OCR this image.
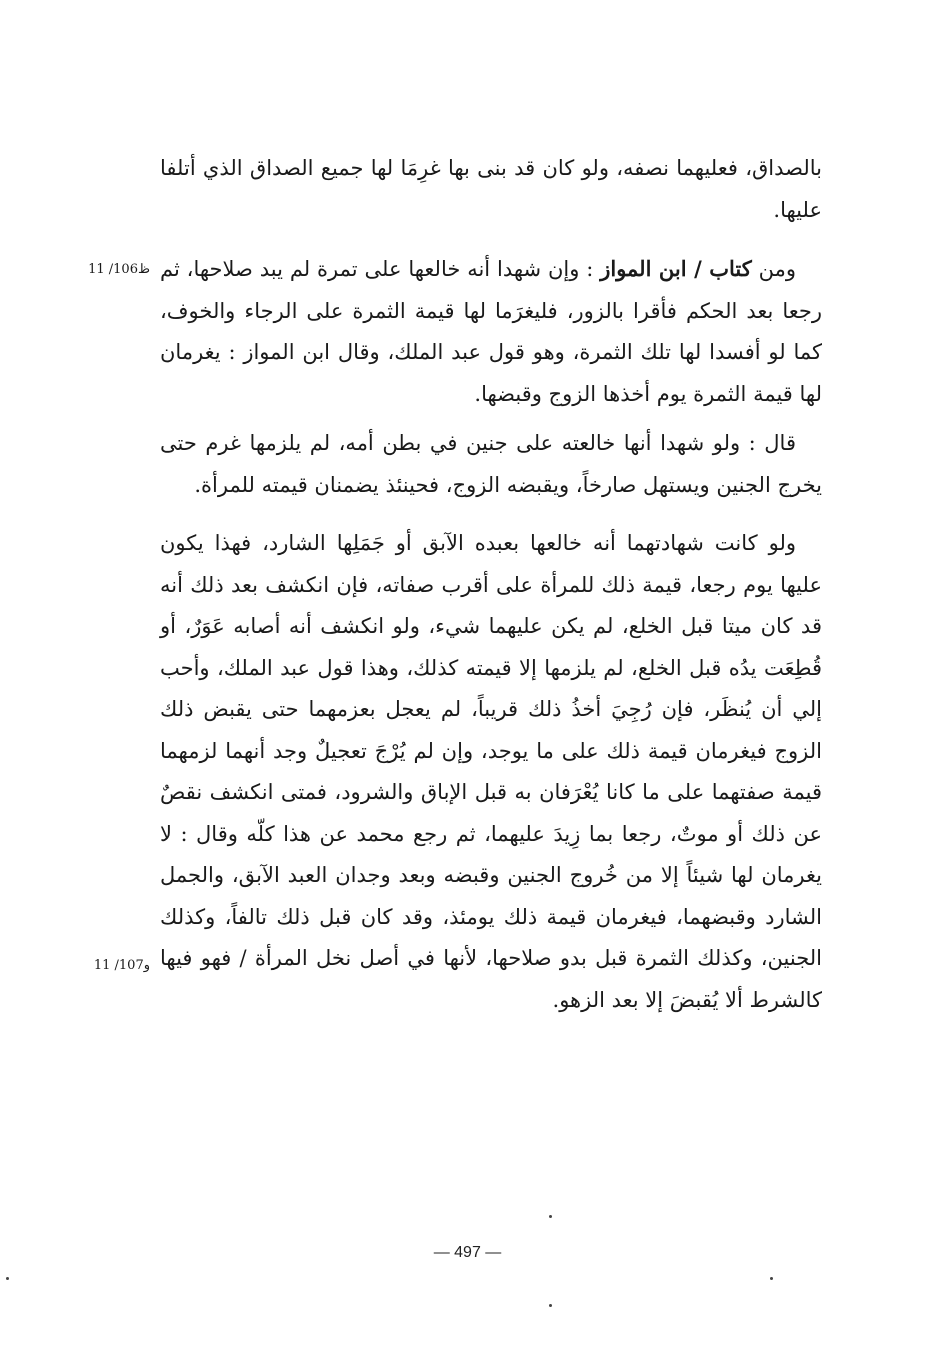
بالصداق، فعليهما نصفه، ولو كان قد بنى بها غرِمَا لها جميع الصداق الذي أتلفا عليها.

ومن كتاب / ابن المواز : وإن شهدا أنه خالعها على تمرة لم يبد صلاحها، ثم رجعا بعد الحكم فأقرا بالزور، فليغرَما لها قيمة الثمرة على الرجاء والخوف، كما لو أفسدا لها تلك الثمرة، وهو قول عبد الملك، وقال ابن المواز : يغرمان لها قيمة الثمرة يوم أخذها الزوج وقبضها.

قال : ولو شهدا أنها خالعته على جنين في بطن أمه، لم يلزمها غرم حتى يخرج الجنين ويستهل صارخاً، ويقبضه الزوج، فحينئذ يضمنان قيمته للمرأة.

ولو كانت شهادتهما أنه خالعها بعبده الآبق أو جَمَلِها الشارد، فهذا يكون عليها يوم رجعا، قيمة ذلك للمرأة على أقرب صفاته، فإن انكشف بعد ذلك أنه قد كان ميتا قبل الخلع، لم يكن عليهما شيء، ولو انكشف أنه أصابه عَوَرٌ، أو قُطِعَت يدُه قبل الخلع، لم يلزمها إلا قيمته كذلك، وهذا قول عبد الملك، وأحب إلي أن يُنظَر، فإن رُجِيَ أخذُ ذلك قريباً، لم يعجل بعزمهما حتى يقبض ذلك الزوج فيغرمان قيمة ذلك على ما يوجد، وإن لم يُرْجَ تعجيلٌ وجد أنهما لزمهما قيمة صفتهما على ما كانا يُعْرَفان به قبل الإباق والشرود، فمتى انكشف نقصٌ عن ذلك أو موتٌ، رجعا بما زِيدَ عليهما، ثم رجع محمد عن هذا كلّه وقال : لا يغرمان لها شيئاً إلا من خُروج الجنين وقبضه وبعد وجدان العبد الآبق، والجمل الشارد وقبضهما، فيغرمان قيمة ذلك يومئذ، وقد كان قبل ذلك تالفاً، وكذلك الجنين، وكذلك الثمرة قبل بدو صلاحها، لأنها في أصل نخل المرأة / فهو فيها كالشرط ألا يُقبضَ إلا بعد الزهو.

11 /106ظ
11 /107و
— 497 —
